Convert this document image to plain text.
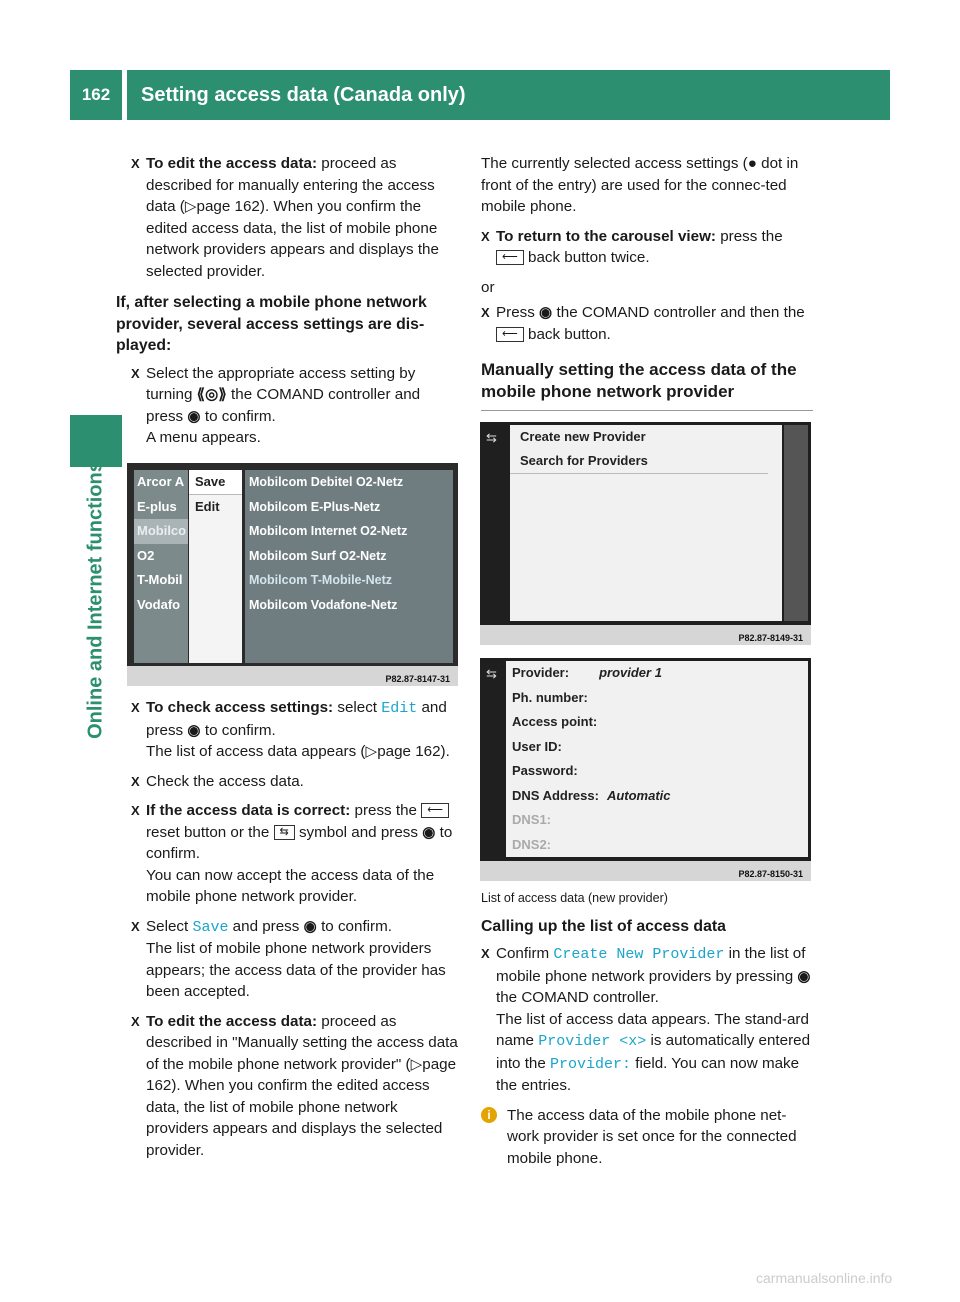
162	Setting access data (Canada only)
Online and Internet functions
X To edit the access data: proceed as described for manually entering the access data (▷page 162). When you confirm the edited access data, the list of mobile phone network providers appears and displays the selected provider.
If, after selecting a mobile phone network provider, several access settings are dis-played:
X Select the appropriate access setting by turning ⟪◎⟫ the COMAND controller and press ◉ to confirm.
A menu appears.
Arcor A
E-plus
Mobilco
O2
T-Mobil
Vodafo
Save
Edit
Mobilcom Debitel O2-Netz
Mobilcom E-Plus-Netz
Mobilcom Internet O2-Netz
Mobilcom Surf O2-Netz
Mobilcom T-Mobile-Netz
Mobilcom Vodafone-Netz
P82.87-8147-31
X To check access settings: select Edit and press ◉ to confirm.
The list of access data appears (▷page 162).
X Check the access data.
X If the access data is correct: press the ⟵ reset button or the ⇆ symbol and press ◉ to confirm.
You can now accept the access data of the mobile phone network provider.
X Select Save and press ◉ to confirm.
The list of mobile phone network providers appears; the access data of the provider has been accepted.
X To edit the access data: proceed as described in "Manually setting the access data of the mobile phone network provider" (▷page 162). When you confirm the edited access data, the list of mobile phone network providers appears and displays the selected provider.

The currently selected access settings (● dot in front of the entry) are used for the connec-ted mobile phone.

X To return to the carousel view: press the ⟵ back button twice.

or

X Press ◉ the COMAND controller and then the ⟵ back button.
Manually setting the access data of the mobile phone network provider
⇆	Create new Provider
Search for Providers
P82.87-8149-31
⇆	Provider: provider 1
Ph. number:
Access point:
User ID:
Password:
DNS Address: Automatic
DNS1:
DNS2:
P82.87-8150-31

List of access data (new provider)

Calling up the list of access data
X Confirm Create New Provider in the list of mobile phone network providers by pressing ◉ the COMAND controller.
The list of access data appears. The stand-ard name Provider <x> is automatically entered into the Provider: field. You can now make the entries.
i	The access data of the mobile phone net-work provider is set once for the connected mobile phone.
carmanualsonline.info
